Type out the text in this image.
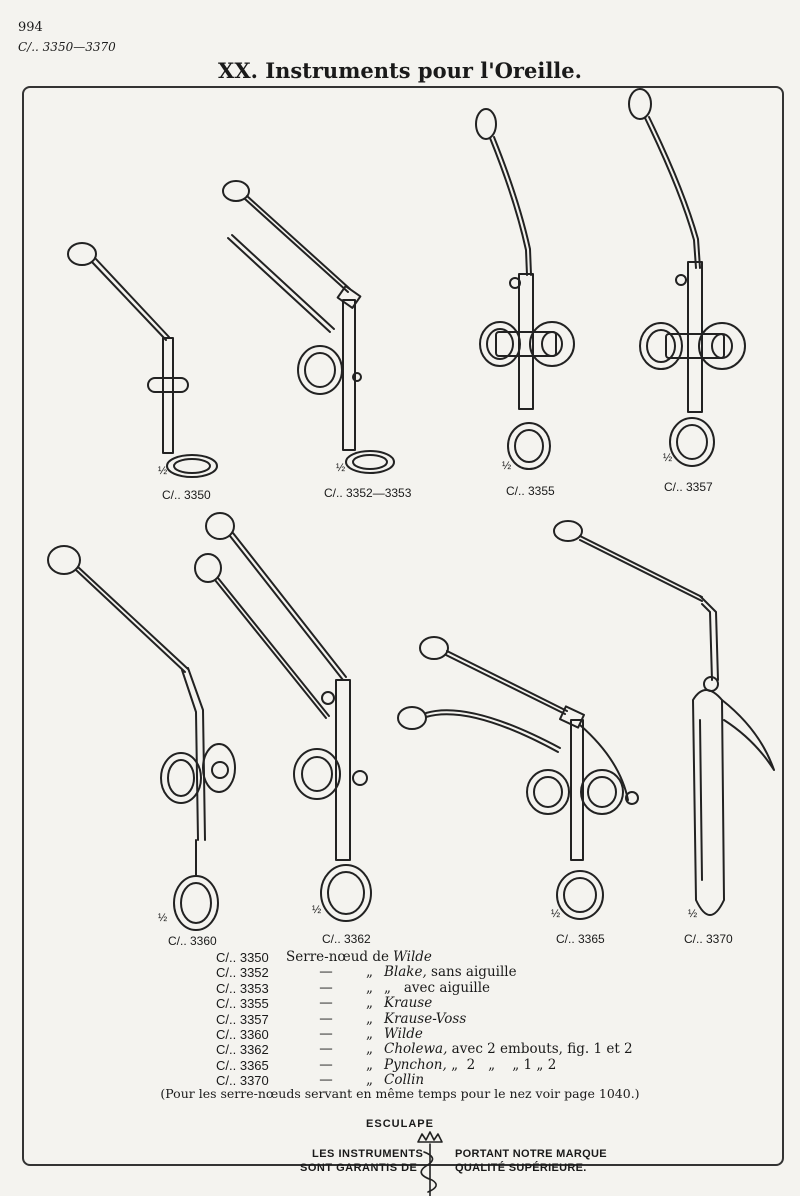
994
C/.. 3350—3370
XX. Instruments pour l'Oreille.
½
C/.. 3350
½
C/.. 3352—3353
½
C/.. 3355
½
C/.. 3357
½
C/.. 3360
½
C/.. 3362
½
C/.. 3365
½
C/.. 3370
C/.. 3350	Serre-nœud de Wilde
C/.. 3352	—	„ Blake, sans aiguille
C/.. 3353	—	„ „   avec aiguille
C/.. 3355	—	„ Krause
C/.. 3357	—	„ Krause-Voss
C/.. 3360	—	„ Wilde
C/.. 3362	—	„ Cholewa, avec 2 embouts, fig. 1 et 2
C/.. 3365	—	„ Pynchon, „  2   „    „ 1 „ 2
C/.. 3370	—	„ Collin
(Pour les serre-nœuds servant en même temps pour le nez voir page 1040.)
ESCULAPE
LES INSTRUMENTS	PORTANT NOTRE MARQUE
SONT GARANTIS DE	QUALITÉ SUPÉRIEURE.
